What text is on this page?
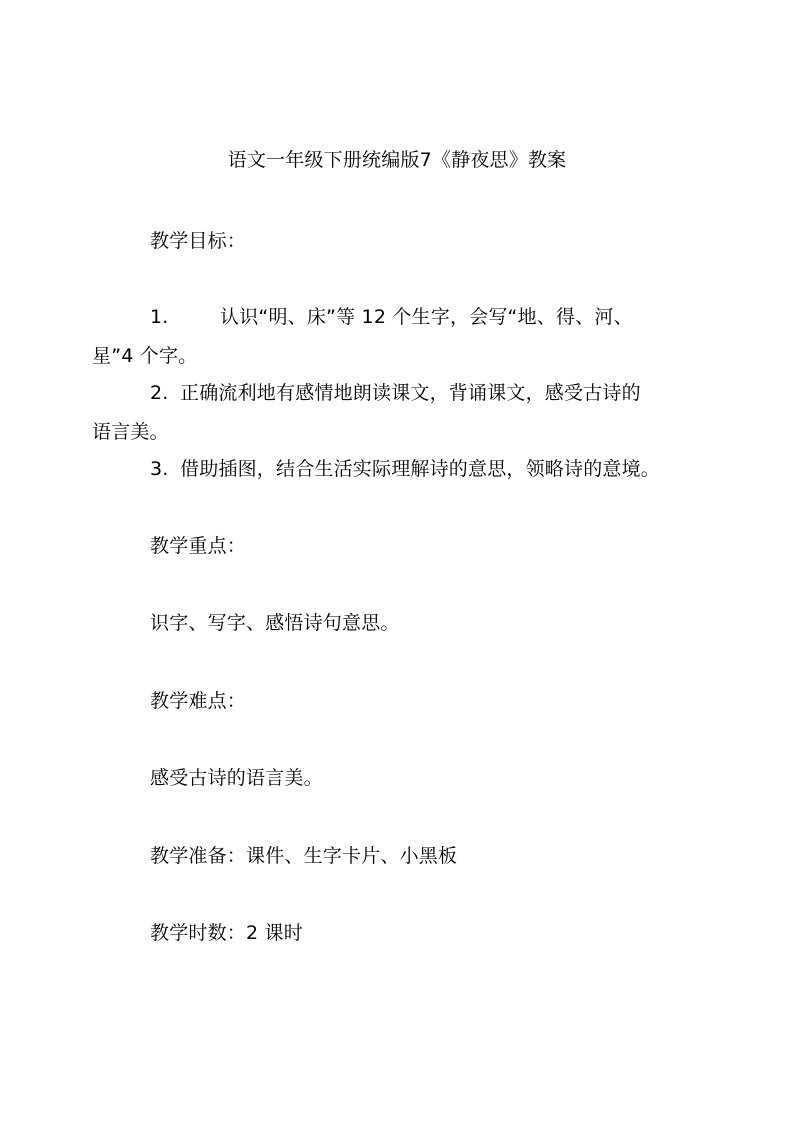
语文一年级下册统编版7《静夜思》教案
教学目标：
1.	认识“明、床”等 12 个生字，会写“地、得、河、
星”4 个字。
2. 正确流利地有感情地朗读课文，背诵课文，感受古诗的
语言美。
3. 借助插图，结合生活实际理解诗的意思，领略诗的意境。
教学重点：
识字、写字、感悟诗句意思。
教学难点：
感受古诗的语言美。
教学准备：课件、生字卡片、小黑板
教学时数：2 课时
